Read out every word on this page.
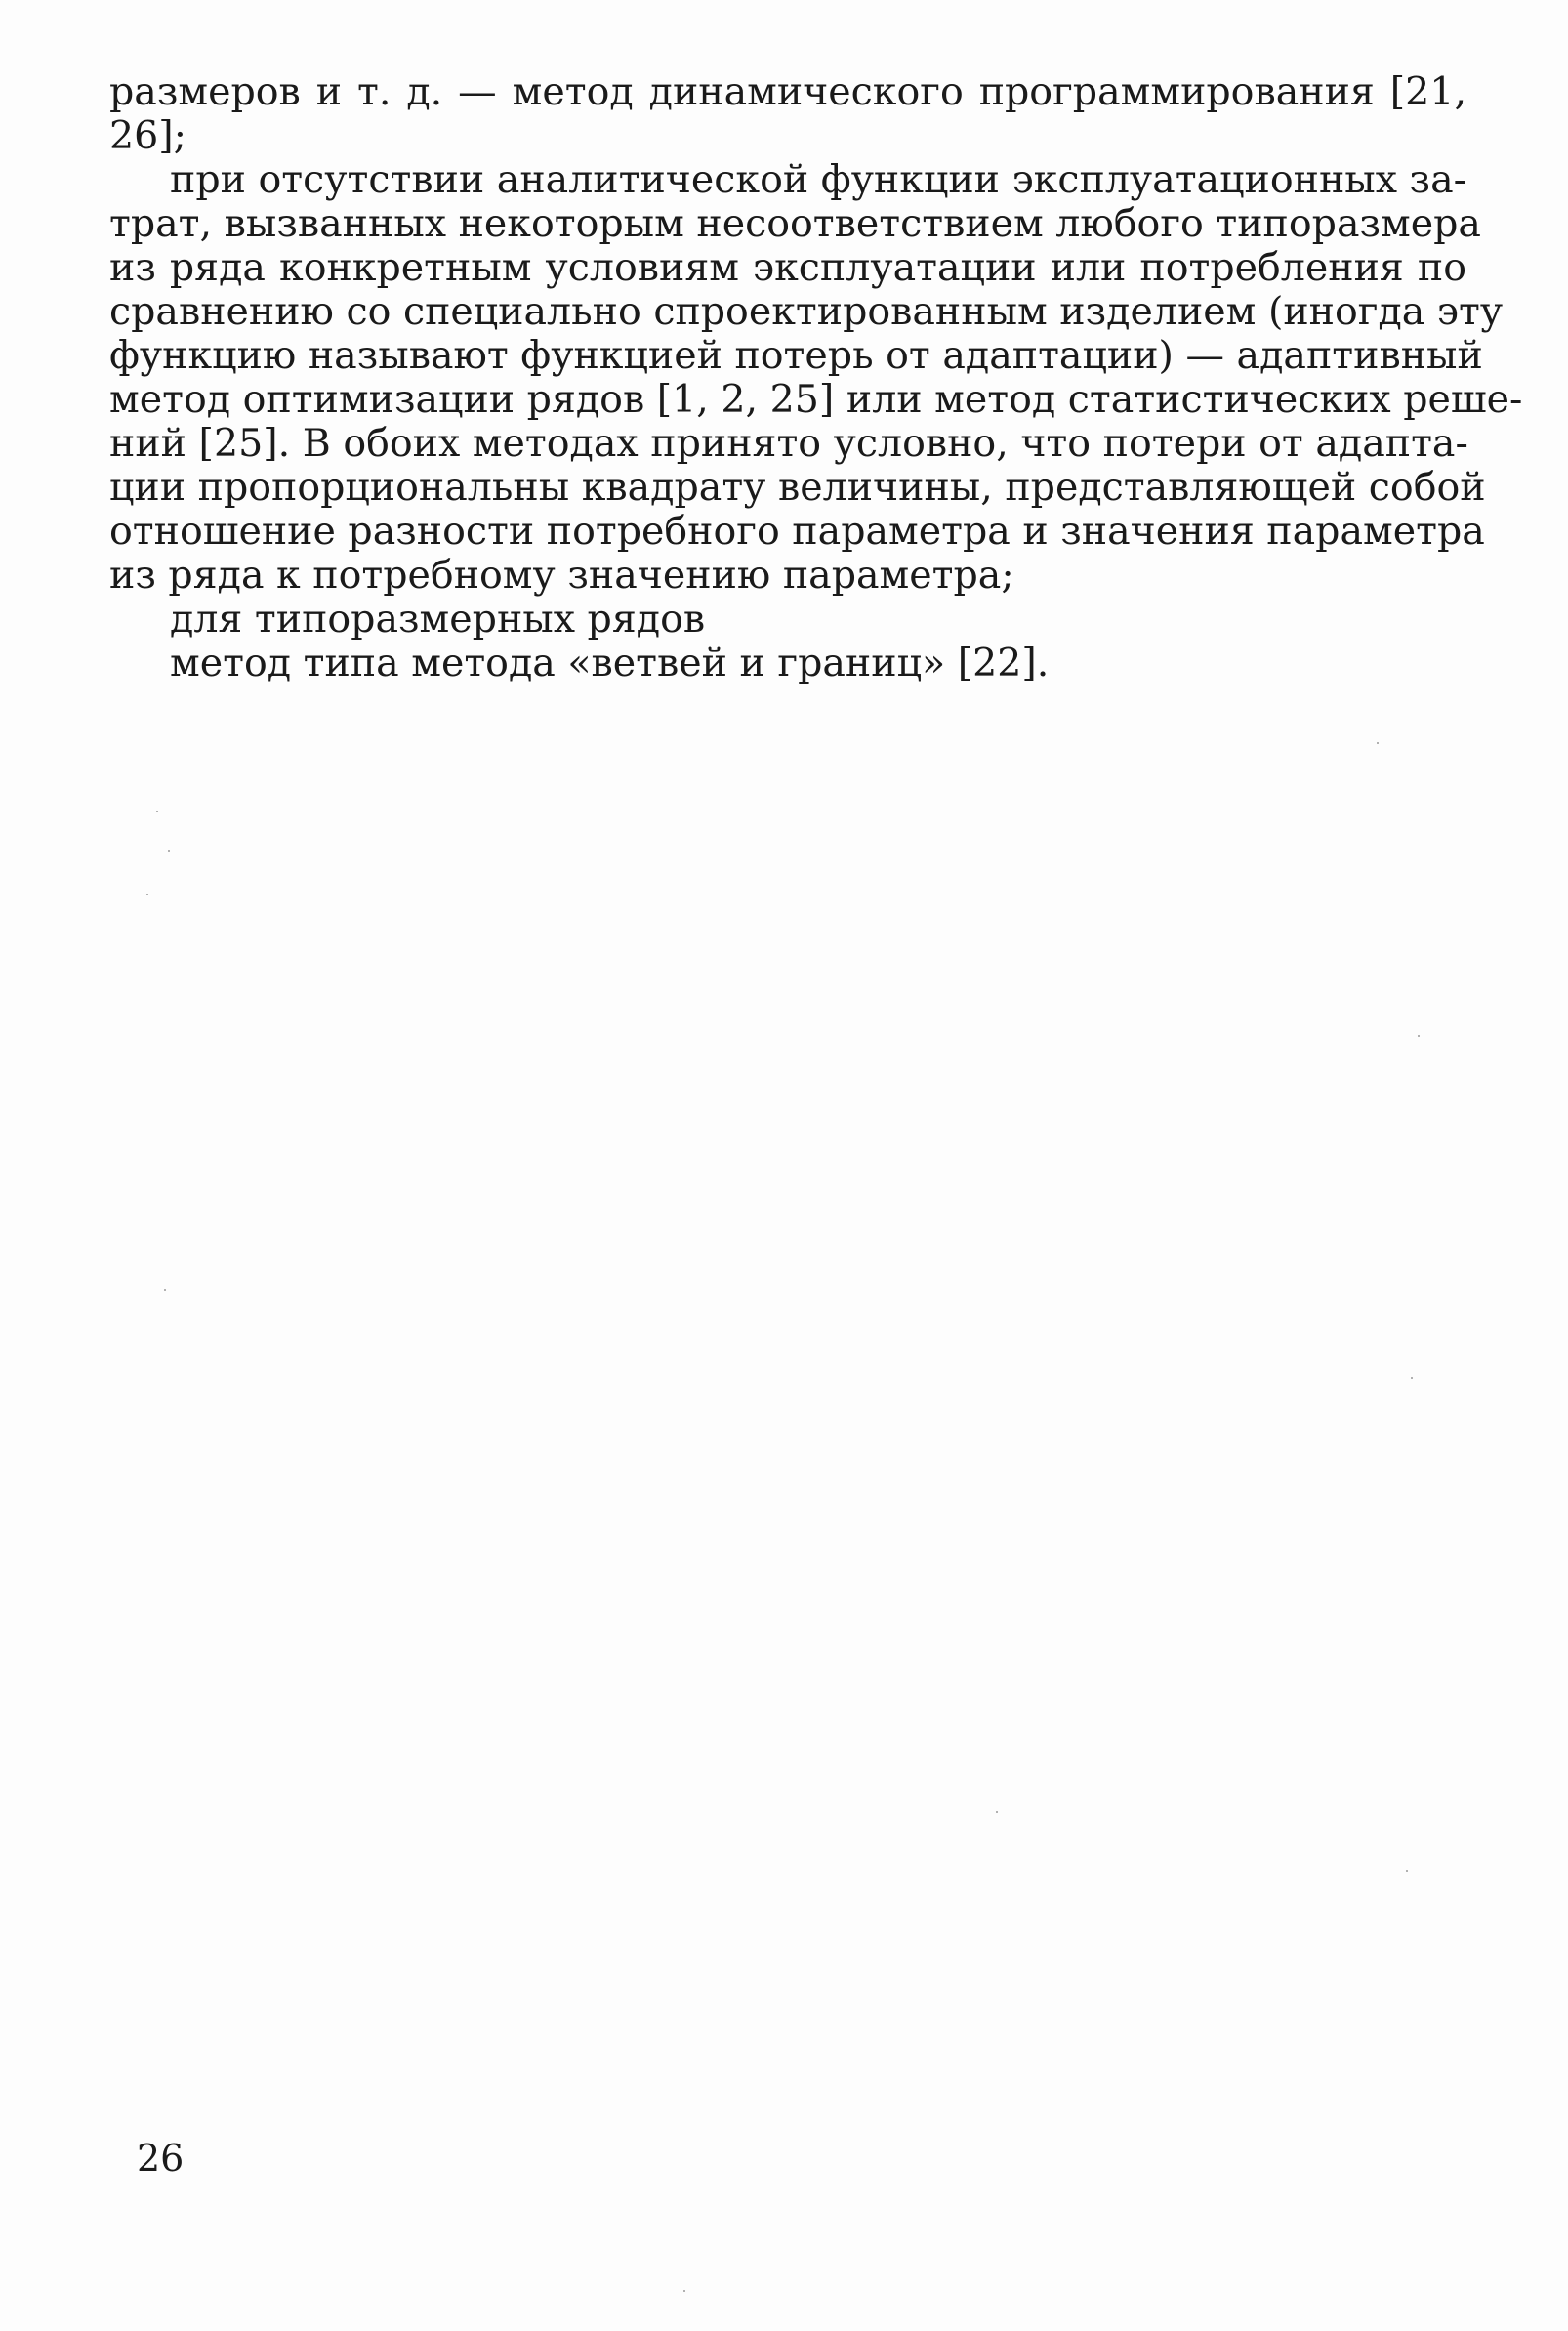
размеров и т. д. — метод динамического программирования [21,
26];
при отсутствии аналитической функции эксплуатационных за-
трат, вызванных некоторым несоответствием любого типоразмера
из ряда конкретным условиям эксплуатации или потребления по
сравнению со специально спроектированным изделием (иногда эту
функцию называют функцией потерь от адаптации) — адаптивный
метод оптимизации рядов [1, 2, 25] или метод статистических реше-
ний [25]. В обоих методах принято условно, что потери от адапта-
ции пропорциональны квадрату величины, представляющей собой
отношение разности потребного параметра и значения параметра
из ряда к потребному значению параметра;
для типоразмерных рядов
метод типа метода «ветвей и границ» [22].
26
